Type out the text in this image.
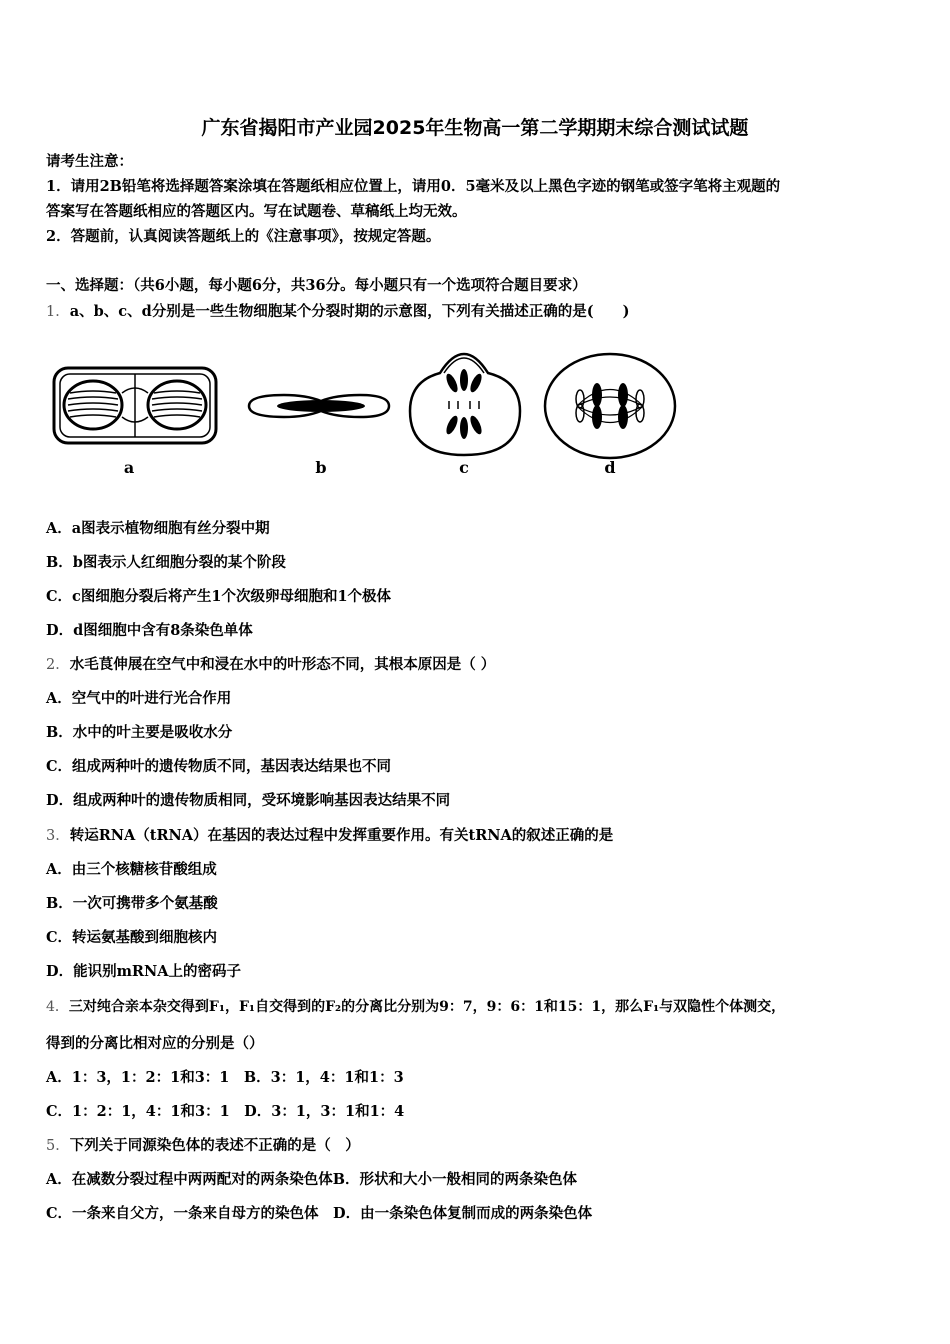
广东省揭阳市产业园2025年生物高一第二学期期末综合测试试题
请考生注意：
1．请用2B铅笔将选择题答案涂填在答题纸相应位置上，请用0．5毫米及以上黑色字迹的钢笔或签字笔将主观题的
答案写在答题纸相应的答题区内。写在试题卷、草稿纸上均无效。
2．答题前，认真阅读答题纸上的《注意事项》，按规定答题。
一、选择题：（共6小题，每小题6分，共36分。每小题只有一个选项符合题目要求）
1．a、b、c、d分别是一些生物细胞某个分裂时期的示意图，下列有关描述正确的是(　　)
a	b	c	d
A．a图表示植物细胞有丝分裂中期
B．b图表示人红细胞分裂的某个阶段
C．c图细胞分裂后将产生1个次级卵母细胞和1个极体
D．d图细胞中含有8条染色单体
2．水毛茛伸展在空气中和浸在水中的叶形态不同，其根本原因是（ ）
A．空气中的叶进行光合作用
B．水中的叶主要是吸收水分
C．组成两种叶的遗传物质不同，基因表达结果也不同
D．组成两种叶的遗传物质相同，受环境影响基因表达结果不同
3．转运RNA（tRNA）在基因的表达过程中发挥重要作用。有关tRNA的叙述正确的是
A．由三个核糖核苷酸组成
B．一次可携带多个氨基酸
C．转运氨基酸到细胞核内
D．能识别mRNA上的密码子
4．三对纯合亲本杂交得到F₁，F₁自交得到的F₂的分离比分别为9：7，9：6：1和15：1，那么F₁与双隐性个体测交，
得到的分离比相对应的分别是（）
A．1：3，1：2：1和3：1　B．3：1，4：1和1：3
C．1：2：1，4：1和3：1　D．3：1，3：1和1：4
5．下列关于同源染色体的表述不正确的是（　）
A．在减数分裂过程中两两配对的两条染色体B．形状和大小一般相同的两条染色体
C．一条来自父方，一条来自母方的染色体　D．由一条染色体复制而成的两条染色体
